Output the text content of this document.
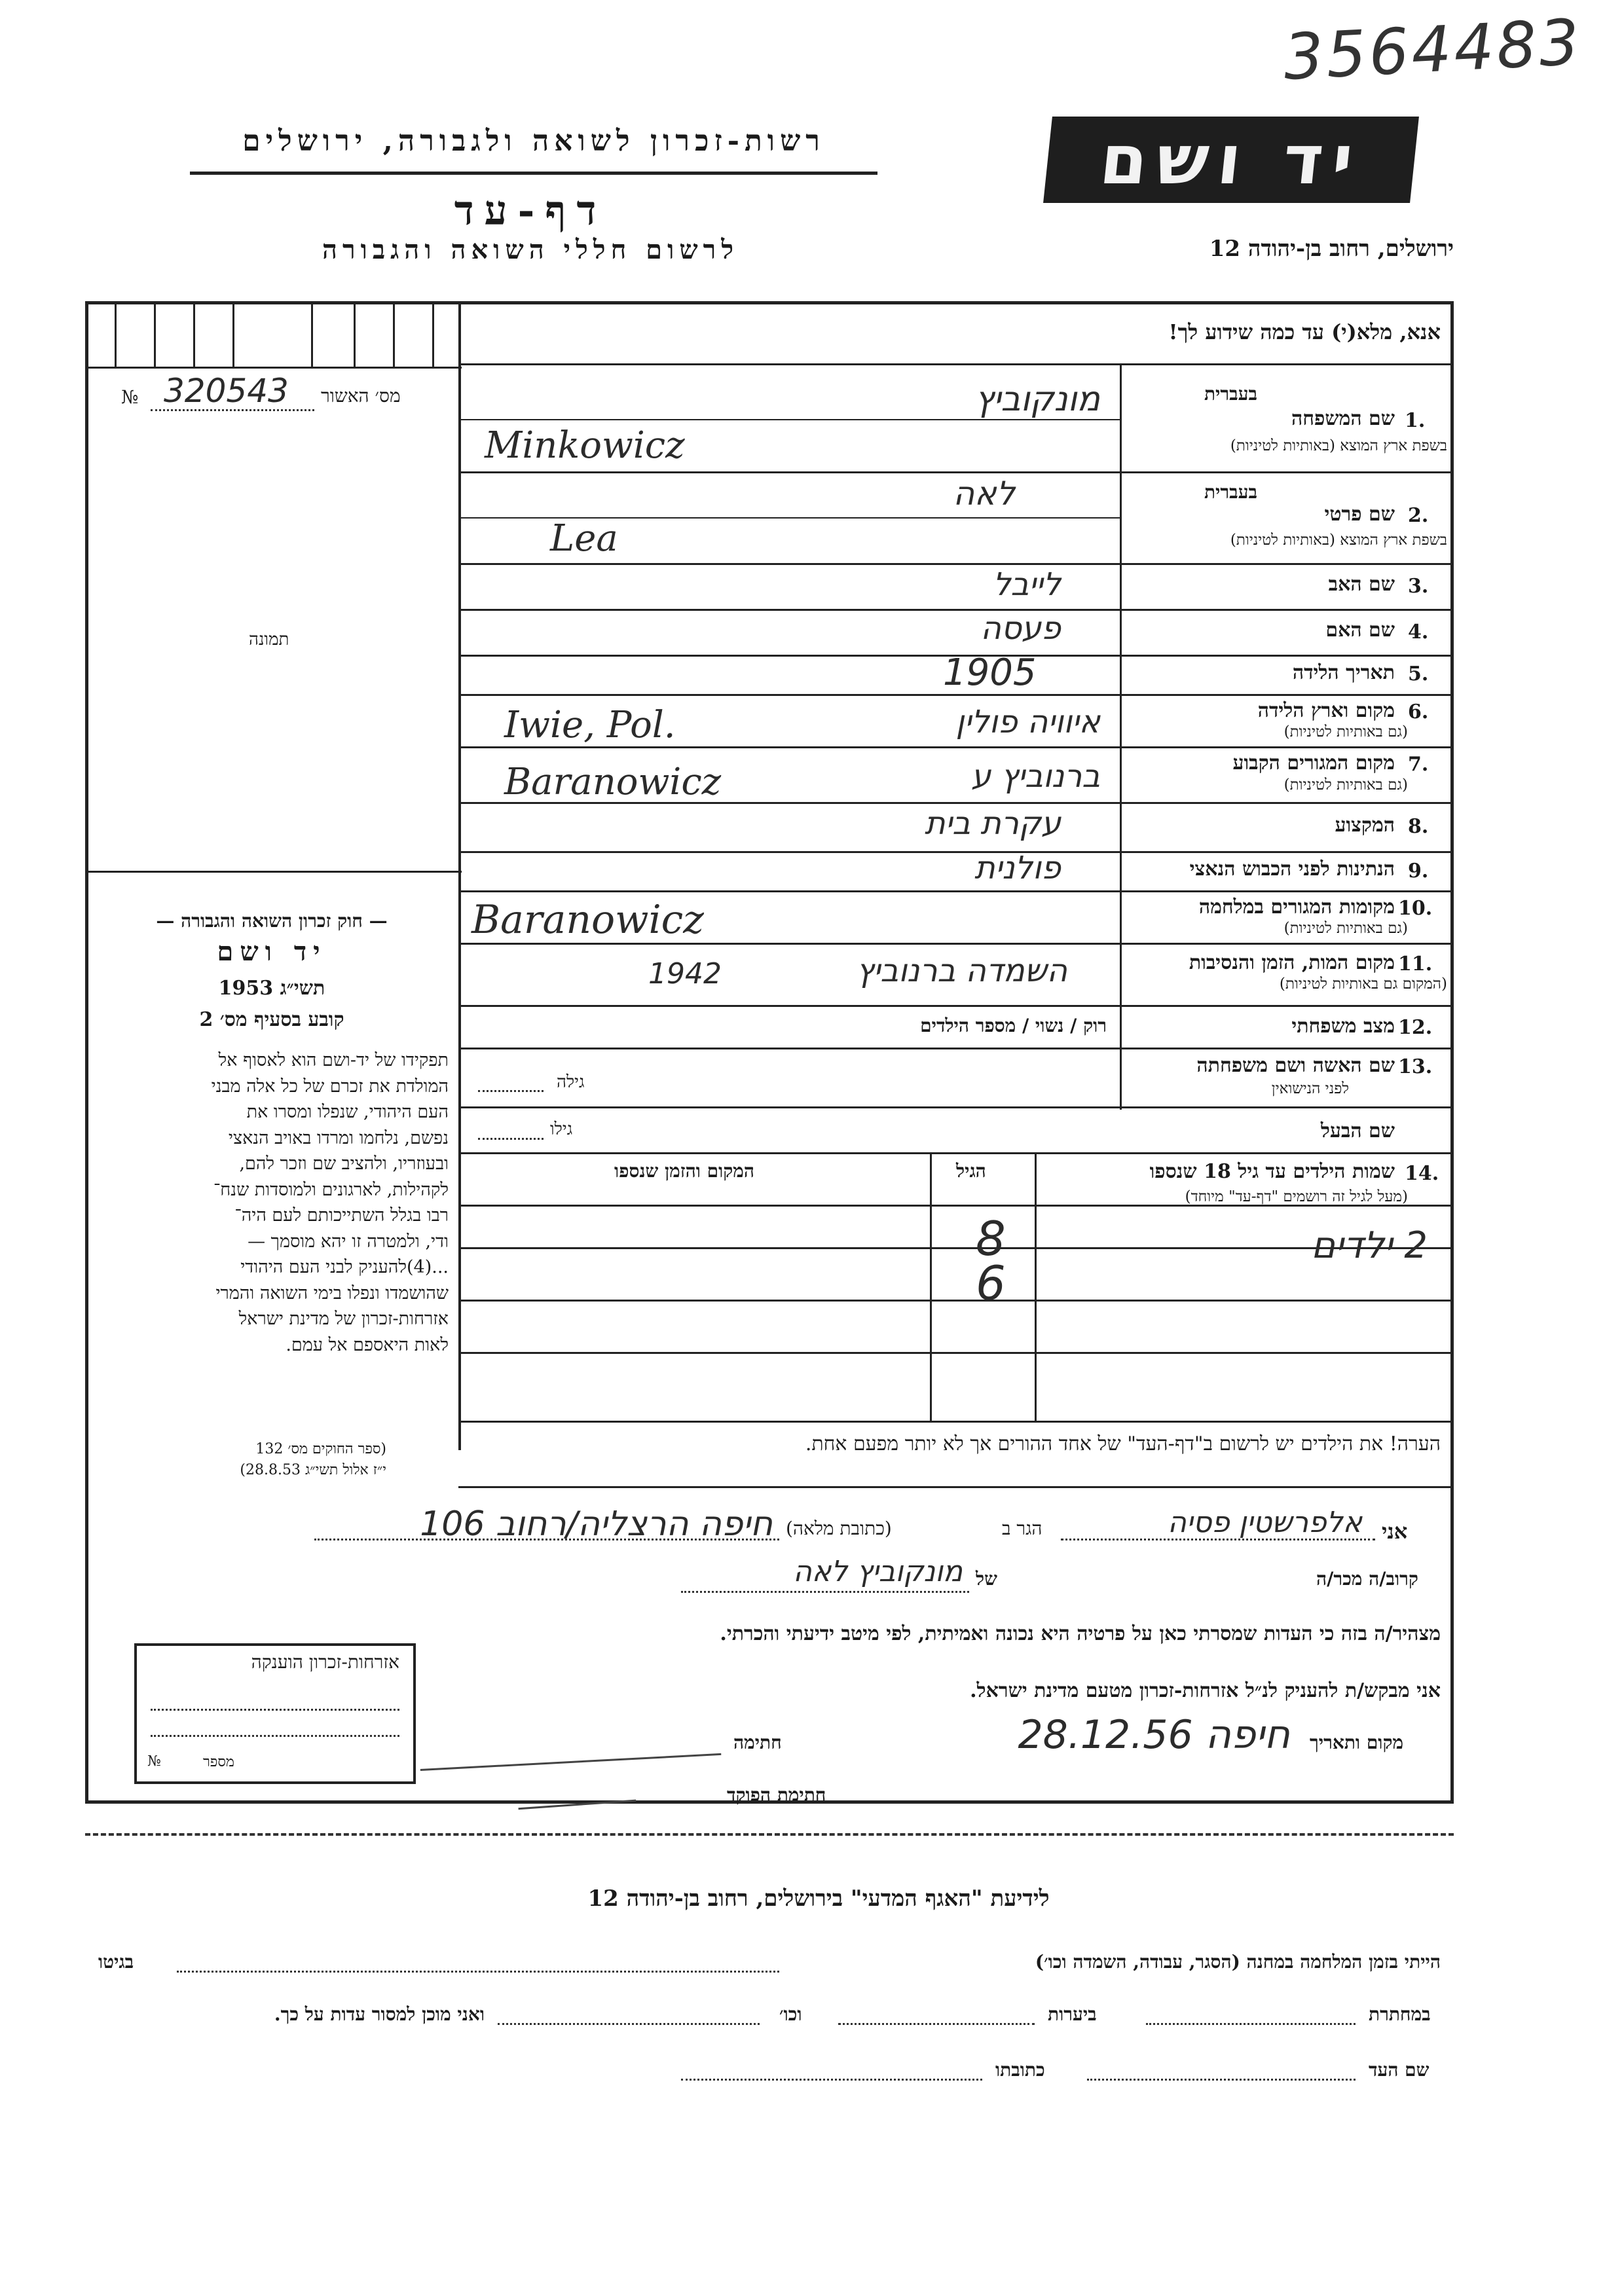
3564483
רשות-זכרון לשואה ולגבורה, ירושלים
דף-עד
לרשום חללי השואה והגבורה
יד ושם
ירושלים, רחוב בן-יהודה 12
אנא, מלא(י) עד כמה שידוע לך!
מס׳ האשור
320543
№
תמונה
בעברית
1.
שם המשפחה
בשפת ארץ המוצא (באותיות לטיניות)
מונקוביץ
Minkowicz
בעברית
2.
שם פרטי
בשפת ארץ המוצא (באותיות לטיניות)
לאה
Lea
3.
שם האב
לייבל
4.
שם האם
פעסה
5.
תאריך הלידה
1905
6.
מקום וארץ הלידה
(גם באותיות לטיניות)
איוויה פולין
Iwie, Pol.
7.
מקום המגורים הקבוע
(גם באותיות לטיניות)
ברנוביץ ע
Baranowicz
8.
המקצוע
עקרת בית
9.
הנתינות לפני הכבוש הנאצי
פולנית
10.
מקומות המגורים במלחמה
(גם באותיות לטיניות)
Baranowicz
11.
מקום המות, הזמן והנסיבות
(המקום גם באותיות לטיניות)
השמדה ברנוביץ
1942
12.
מצב משפחתי
רוק / נשוי / מספר הילדים
13.
שם האשה ושם משפחתה
לפני הנישואין
גילה
שם הבעל
גילו
14.
שמות הילדים עד גיל 18 שנספו
(מעל לגיל זה רושמים "דף-עד" מיוחד)
הגיל
המקום והזמן שנספו
2 ילדים
8
6
— חוק זכרון השואה והגבורה —
יד ושם
תשי״ג 1953
קובע בסעיף מס׳ 2
תפקידו של יד-ושם הוא לאסוף אל
המולדת את זכרם של כל אלה מבני
העם היהודי, שנפלו ומסרו את
נפשם, נלחמו ומרדו באויב הנאצי
ובעוזריו, ולהציב שם וזכר להם,
לקהילות, לארגונים ולמוסדות שנח־
רבו בגלל השתייכותם לעם היה־
ודי, ולמטרה זו יהא מוסמך —
...(4)להעניק לבני העם היהודי
שהושמדו ונפלו בימי השואה והמרי
אזרחות-זכרון של מדינת ישראל
לאות היאספם אל עמם.
(ספר החוקים מס׳ 132
י״ז אלול תשי״ג 28.8.53)
הערה! את הילדים יש לרשום ב"דף-העד" של אחד ההורים אך לא יותר מפעם אחת.
אני
אלפרשטין פסיה
הגר ב
(כתובת מלאה)
חיפה הרצליה/רחוב 106
קרוב/ה מכר/ה
של
מונקוביץ לאה
מצהיר/ה בזה כי העדות שמסרתי כאן על פרטיה היא נכונה ואמיתית, לפי מיטב ידיעתי והכרתי.
אני מבקש/ת להעניק לנ״ל אזרחות-זכרון מטעם מדינת ישראל.
מקום ותאריך
חיפה 28.12.56
חתימה
חתימת הפוקד
אזרחות-זכרון הוענקה
מספר
№
לידיעת "האגף המדעי" בירושלים, רחוב בן-יהודה 12
הייתי בזמן המלחמה במחנה (הסגר, עבודה, השמדה וכו׳)
בגיטו
במחתרת
ביערות
וכו׳
ואני מוכן למסור עדות על כך.
שם העד
כתובתו
